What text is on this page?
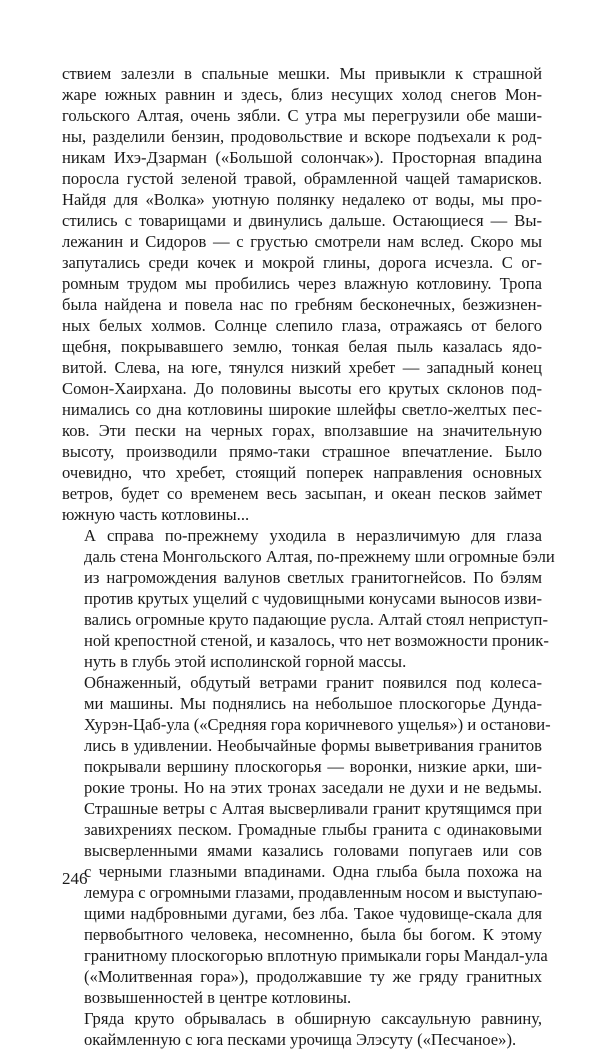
ствием залезли в спальные мешки. Мы привыкли к страшной
жаре южных равнин и здесь, близ несущих холод снегов Мон-
гольского Алтая, очень зябли. С утра мы перегрузили обе маши-
ны, разделили бензин, продовольствие и вскоре подъехали к род-
никам Ихэ-Дзарман («Большой солончак»). Просторная впадина
поросла густой зеленой травой, обрамленной чащей тамарисков.
Найдя для «Волка» уютную полянку недалеко от воды, мы про-
стились с товарищами и двинулись дальше. Остающиеся — Вы-
лежанин и Сидоров — с грустью смотрели нам вслед. Скоро мы
запутались среди кочек и мокрой глины, дорога исчезла. С ог-
ромным трудом мы пробились через влажную котловину. Тропа
была найдена и повела нас по гребням бесконечных, безжизнен-
ных белых холмов. Солнце слепило глаза, отражаясь от белого
щебня, покрывавшего землю, тонкая белая пыль казалась ядо-
витой. Слева, на юге, тянулся низкий хребет — западный конец
Сомон-Хаирхана. До половины высоты его крутых склонов под-
нимались со дна котловины широкие шлейфы светло-желтых пес-
ков. Эти пески на черных горах, вползавшие на значительную
высоту, производили прямо-таки страшное впечатление. Было
очевидно, что хребет, стоящий поперек направления основных
ветров, будет со временем весь засыпан, и океан песков займет
южную часть котловины...

А справа по-прежнему уходила в неразличимую для глаза
даль стена Монгольского Алтая, по-прежнему шли огромные бэли
из нагромождения валунов светлых гранитогнейсов. По бэлям
против крутых ущелий с чудовищными конусами выносов изви-
вались огромные круто падающие русла. Алтай стоял неприступ-
ной крепостной стеной, и казалось, что нет возможности проник-
нуть в глубь этой исполинской горной массы.

Обнаженный, обдутый ветрами гранит появился под колеса-
ми машины. Мы поднялись на небольшое плоскогорье Дунда-
Хурэн-Цаб-ула («Средняя гора коричневого ущелья») и останови-
лись в удивлении. Необычайные формы выветривания гранитов
покрывали вершину плоскогорья — воронки, низкие арки, ши-
рокие троны. Но на этих тронах заседали не духи и не ведьмы.
Страшные ветры с Алтая высверливали гранит крутящимся при
завихрениях песком. Громадные глыбы гранита с одинаковыми
высверленными ямами казались головами попугаев или сов
с черными глазными впадинами. Одна глыба была похожа на
лемура с огромными глазами, продавленным носом и выступаю-
щими надбровными дугами, без лба. Такое чудовище-скала для
первобытного человека, несомненно, была бы богом. К этому
гранитному плоскогорью вплотную примыкали горы Мандал-ула
(«Молитвенная гора»), продолжавшие ту же гряду гранитных
возвышенностей в центре котловины.

Гряда круто обрывалась в обширную саксаульную равнину,
окаймленную с юга песками урочища Элэсуту («Песчаное»).

246
